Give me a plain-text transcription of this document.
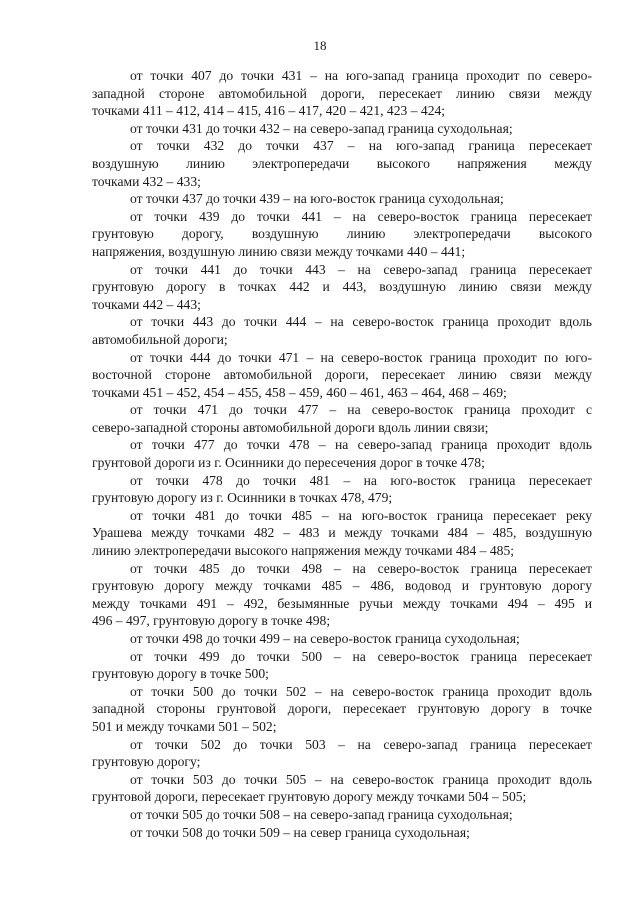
18
от точки 407 до точки 431 – на юго-запад граница проходит по северо-
западной стороне автомобильной дороги, пересекает линию связи между
точками 411 – 412, 414 – 415, 416 – 417, 420 – 421, 423 – 424;
от точки 431 до точки 432 – на северо-запад граница суходольная;
от точки 432 до точки 437 – на юго-запад граница пересекает
воздушную линию электропередачи высокого напряжения между
точками 432 – 433;
от точки 437 до точки 439 – на юго-восток граница суходольная;
от точки 439 до точки 441 – на северо-восток граница пересекает
грунтовую дорогу, воздушную линию электропередачи высокого
напряжения, воздушную линию связи между точками 440 – 441;
от точки 441 до точки 443 – на северо-запад граница пересекает
грунтовую дорогу в точках 442 и 443, воздушную линию связи между
точками 442 – 443;
от точки 443 до точки 444 – на северо-восток граница проходит вдоль
автомобильной дороги;
от точки 444 до точки 471 – на северо-восток граница проходит по юго-
восточной стороне автомобильной дороги, пересекает линию связи между
точками 451 – 452, 454 – 455, 458 – 459, 460 – 461, 463 – 464, 468 – 469;
от точки 471 до точки 477 – на северо-восток граница проходит с
северо-западной стороны автомобильной дороги вдоль линии связи;
от точки 477 до точки 478 – на северо-запад граница проходит вдоль
грунтовой дороги из г. Осинники до пересечения дорог в точке 478;
от точки 478 до точки 481 – на юго-восток граница пересекает
грунтовую дорогу из г. Осинники в точках 478, 479;
от точки 481 до точки 485 – на юго-восток граница пересекает реку
Урашева между точками 482 – 483 и между точками 484 – 485, воздушную
линию электропередачи высокого напряжения между точками 484 – 485;
от точки 485 до точки 498 – на северо-восток граница пересекает
грунтовую дорогу между точками 485 – 486, водовод и грунтовую дорогу
между точками 491 – 492, безымянные ручьи между точками 494 – 495 и
496 – 497, грунтовую дорогу в точке 498;
от точки 498 до точки 499 – на северо-восток граница суходольная;
от точки 499 до точки 500 – на северо-восток граница пересекает
грунтовую дорогу в точке 500;
от точки 500 до точки 502 – на северо-восток граница проходит вдоль
западной стороны грунтовой дороги, пересекает грунтовую дорогу в точке
501 и между точками 501 – 502;
от точки 502 до точки 503 – на северо-запад граница пересекает
грунтовую дорогу;
от точки 503 до точки 505 – на северо-восток граница проходит вдоль
грунтовой дороги, пересекает грунтовую дорогу между точками 504 – 505;
от точки 505 до точки 508 – на северо-запад граница суходольная;
от точки 508 до точки 509 – на север граница суходольная;
